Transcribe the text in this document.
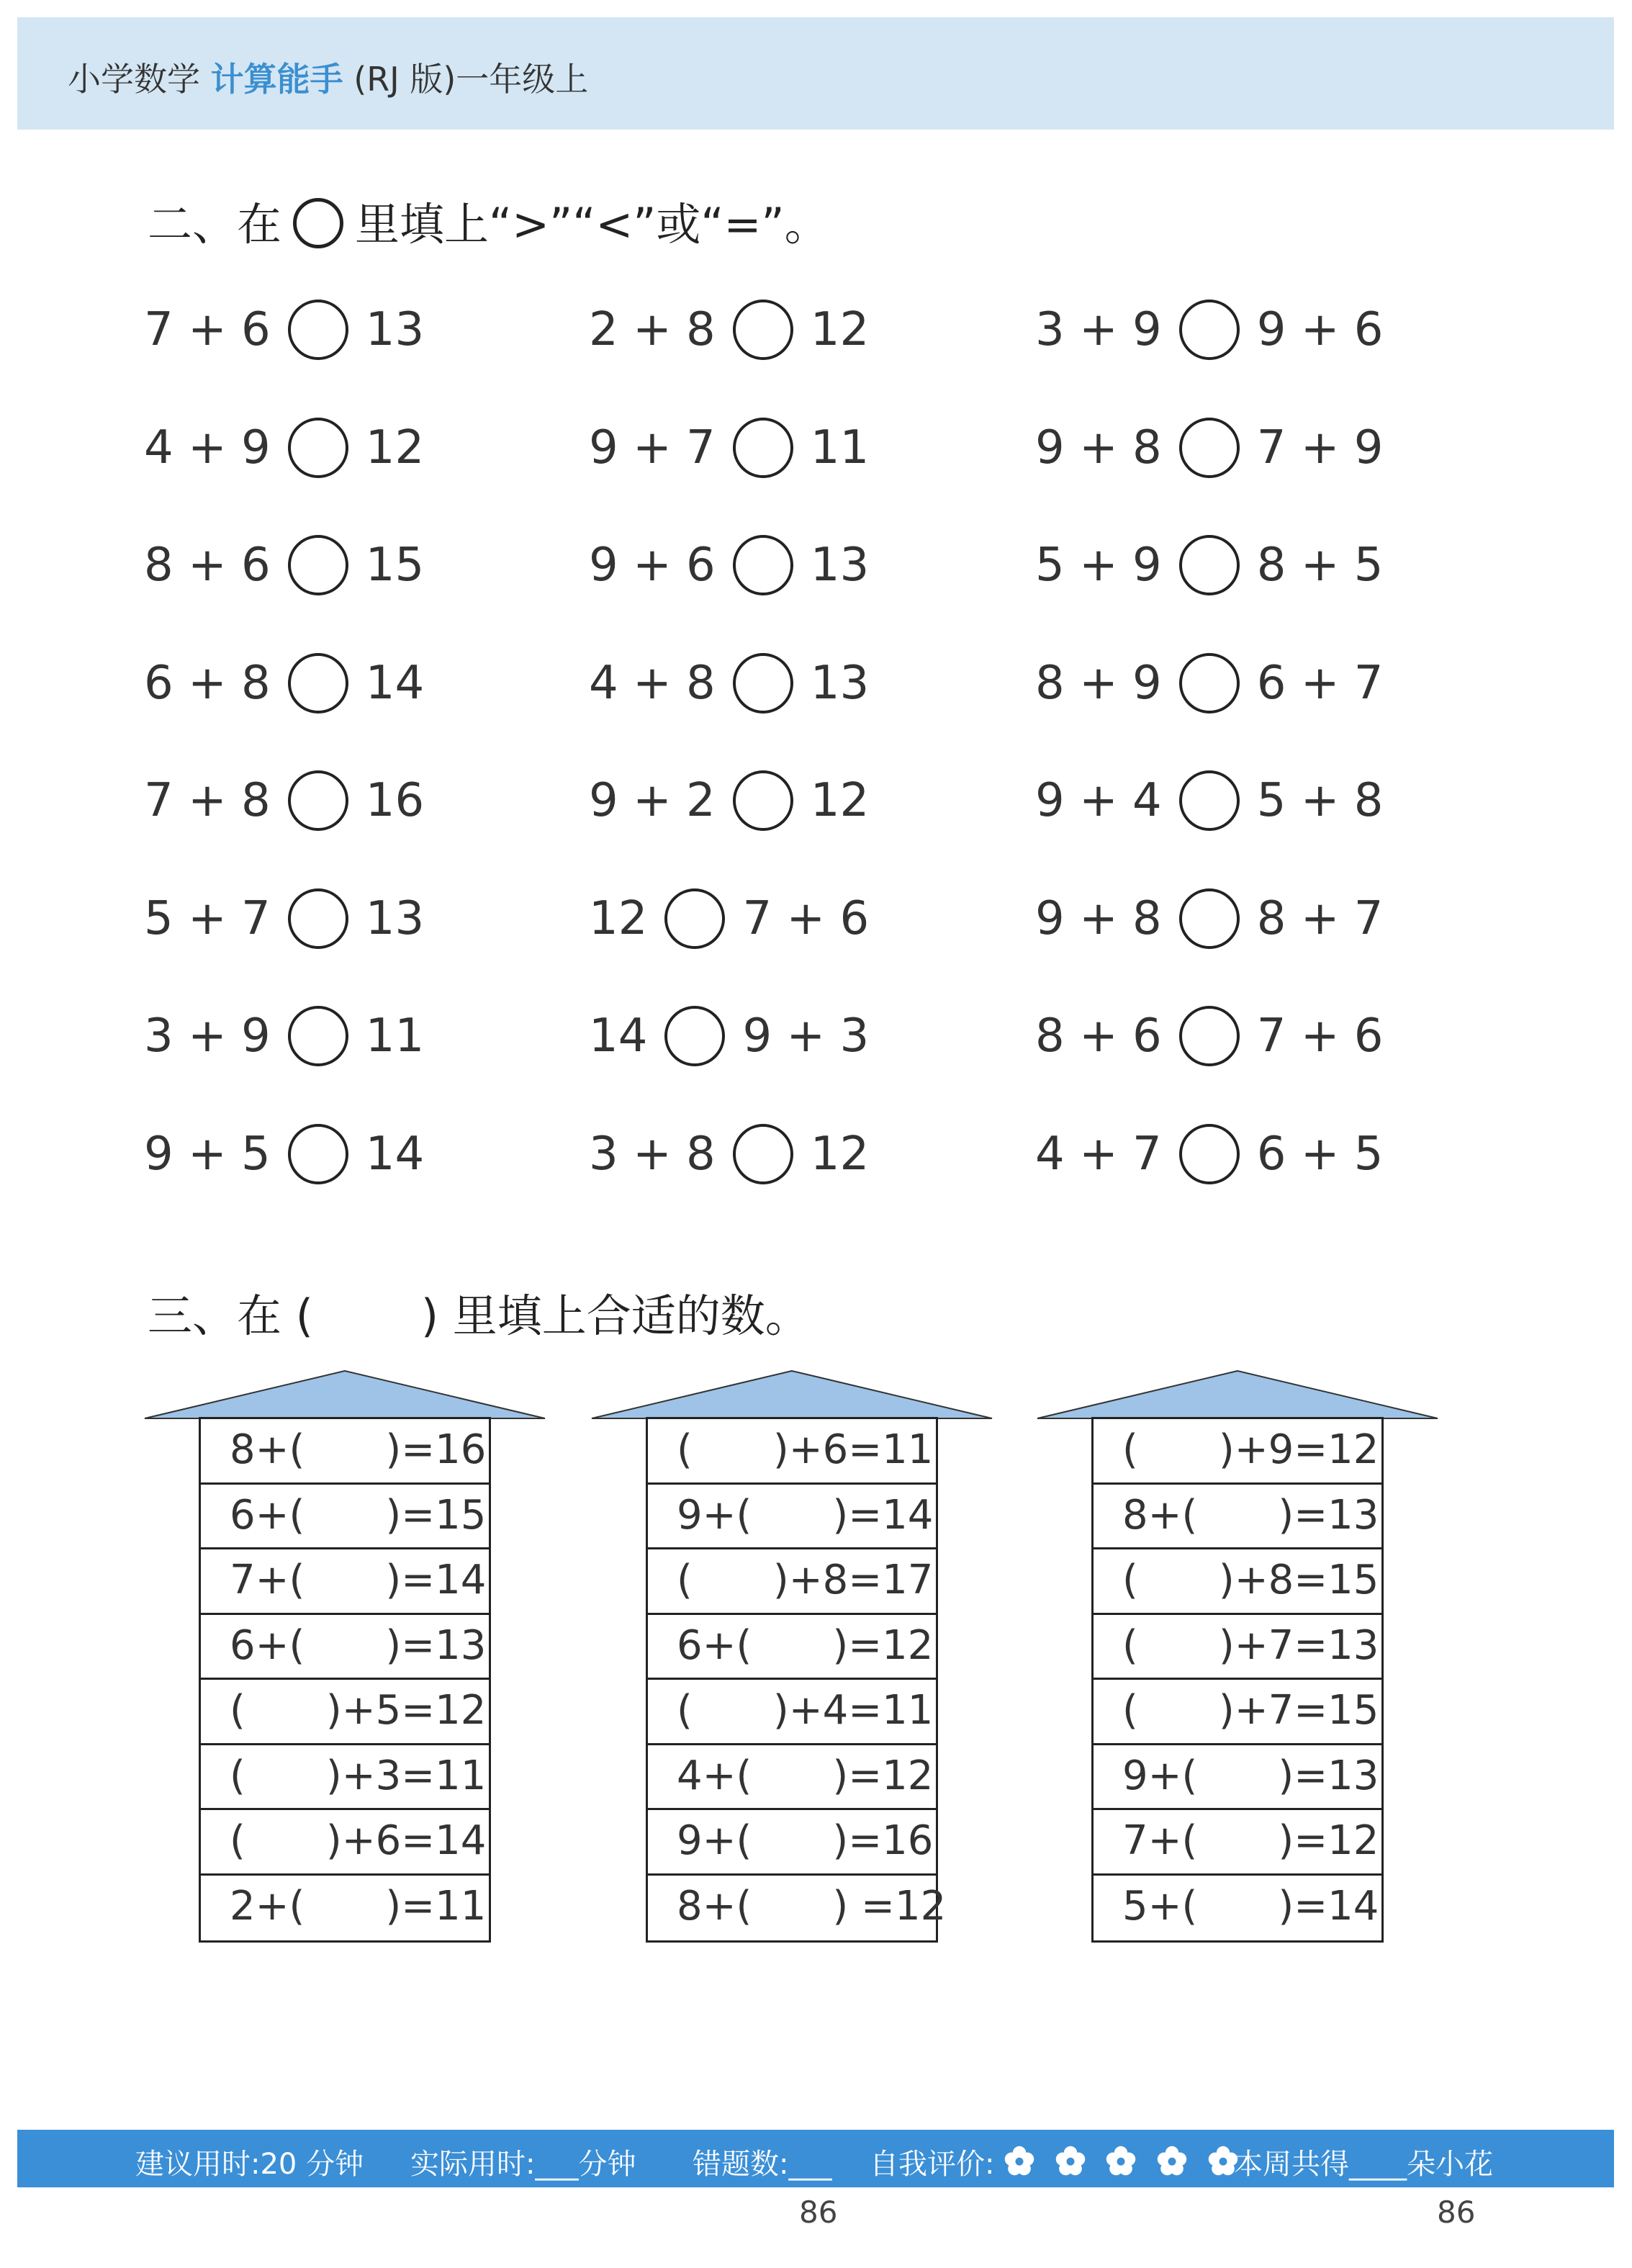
小学数学 计算能手 (RJ 版)一年级上
二、在 里填上“>”“<”或“=”。
7 + 6 13	2 + 8 12	3 + 9 9 + 6
4 + 9 12	9 + 7 11	9 + 8 7 + 9
8 + 6 15	9 + 6 13	5 + 9 8 + 5
6 + 8 14	4 + 8 13	8 + 9 6 + 7
7 + 8 16	9 + 2 12	9 + 4 5 + 8
5 + 7 13	12 7 + 6	9 + 8 8 + 7
3 + 9 11	14 9 + 3	8 + 6 7 + 6
9 + 5 14	3 + 8 12	4 + 7 6 + 5
三、在 ( ) 里填上合适的数。
8+(　　)=16
6+(　　)=15
7+(　　)=14
6+(　　)=13
(　　)+5=12
(　　)+3=11
(　　)+6=14
2+(　　)=11
(　　)+6=11
9+(　　)=14
(　　)+8=17
6+(　　)=12
(　　)+4=11
4+(　　)=12
9+(　　)=16
8+(　　) =12
(　　)+9=12
8+(　　)=13
(　　)+8=15
(　　)+7=13
(　　)+7=15
9+(　　)=13
7+(　　)=12
5+(　　)=14
建议用时:20 分钟 实际用时:___分钟 错题数:___ 自我评价:
	本周共得____朵小花
86	86
